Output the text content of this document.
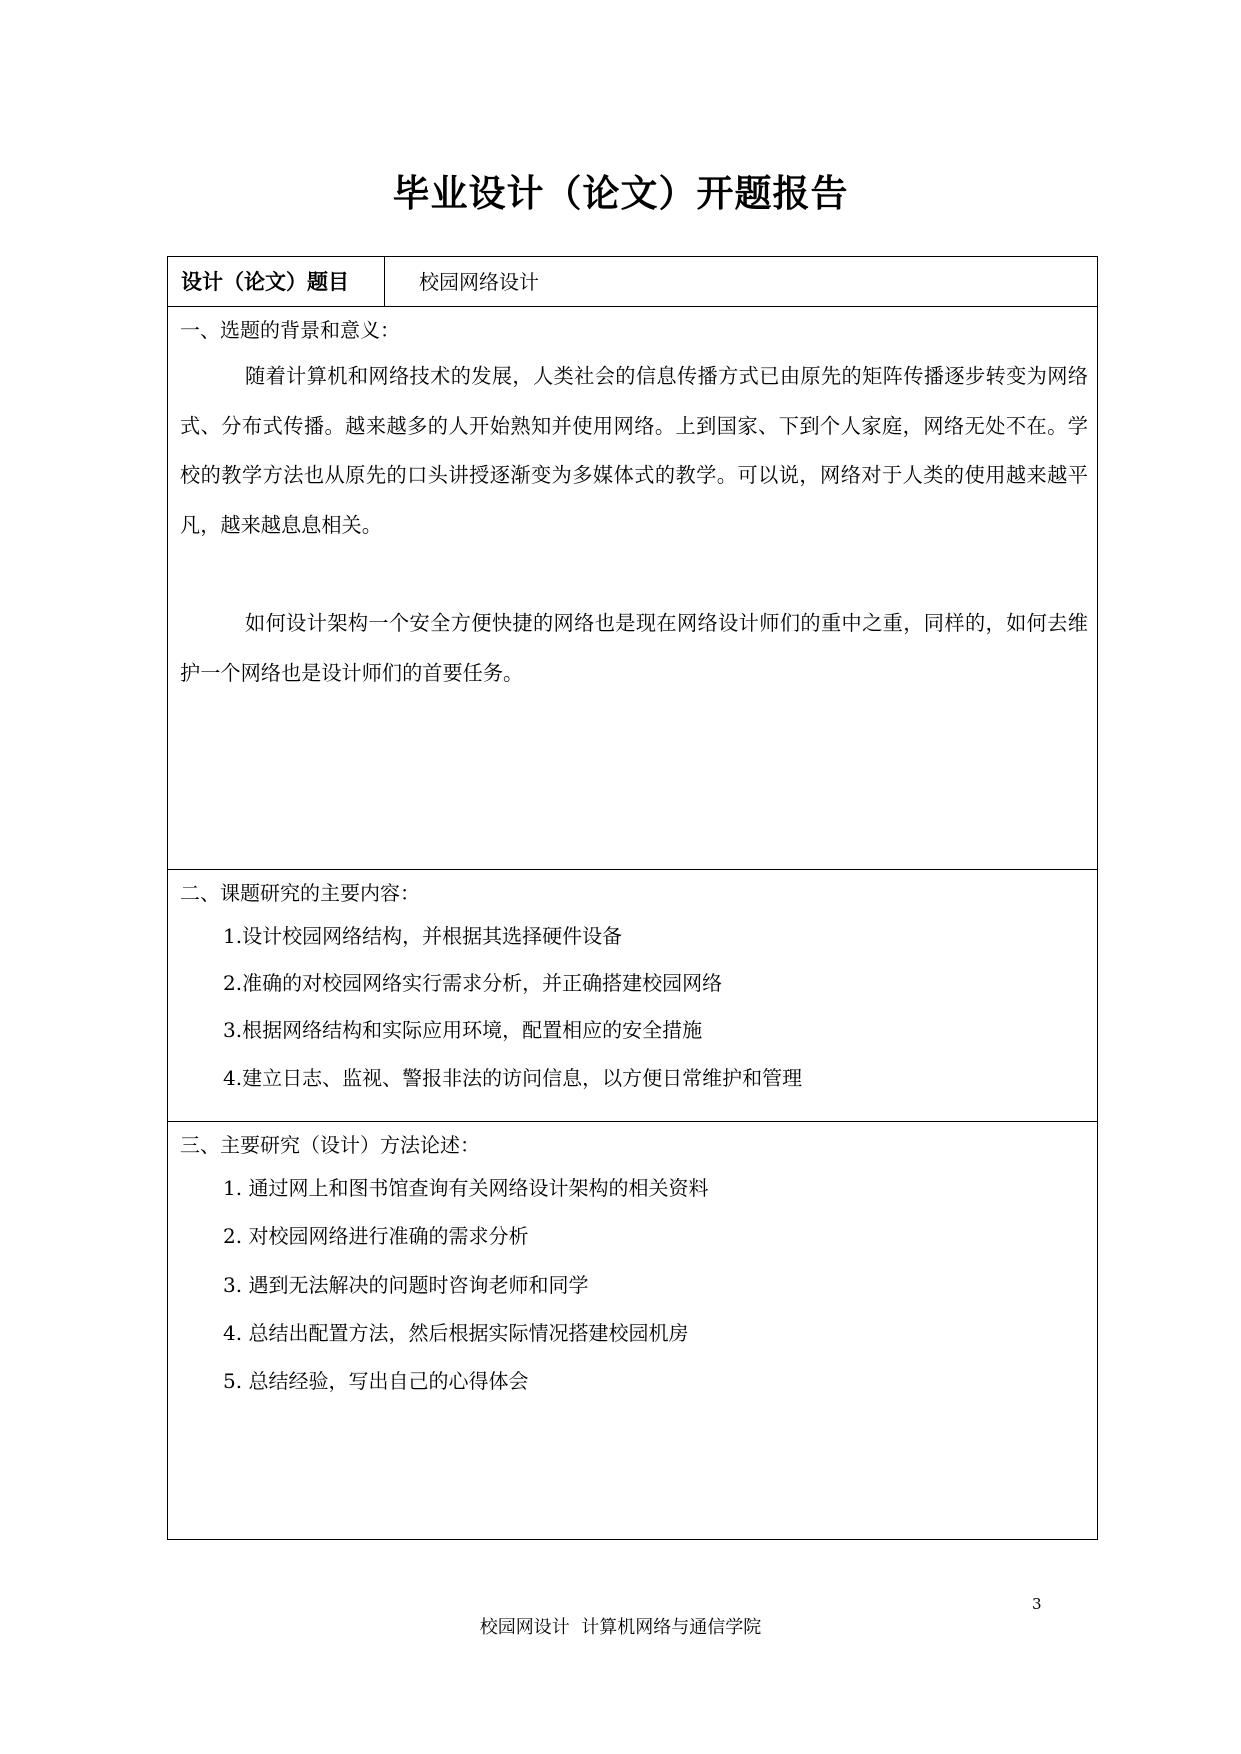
毕业设计（论文）开题报告
设计（论文）题目	校园网络设计
一、选题的背景和意义：
随着计算机和网络技术的发展，人类社会的信息传播方式已由原先的矩阵传播逐步转变为网络式、分布式传播。越来越多的人开始熟知并使用网络。上到国家、下到个人家庭，网络无处不在。学校的教学方法也从原先的口头讲授逐渐变为多媒体式的教学。可以说，网络对于人类的使用越来越平凡，越来越息息相关。
如何设计架构一个安全方便快捷的网络也是现在网络设计师们的重中之重，同样的，如何去维护一个网络也是设计师们的首要任务。
二、课题研究的主要内容：
1.设计校园网络结构，并根据其选择硬件设备
2.准确的对校园网络实行需求分析，并正确搭建校园网络
3.根据网络结构和实际应用环境，配置相应的安全措施
4.建立日志、监视、警报非法的访问信息，以方便日常维护和管理
三、主要研究（设计）方法论述：
1. 通过网上和图书馆查询有关网络设计架构的相关资料
2. 对校园网络进行准确的需求分析
3. 遇到无法解决的问题时咨询老师和同学
4. 总结出配置方法，然后根据实际情况搭建校园机房
5. 总结经验，写出自己的心得体会
3
校园网设计  计算机网络与通信学院
